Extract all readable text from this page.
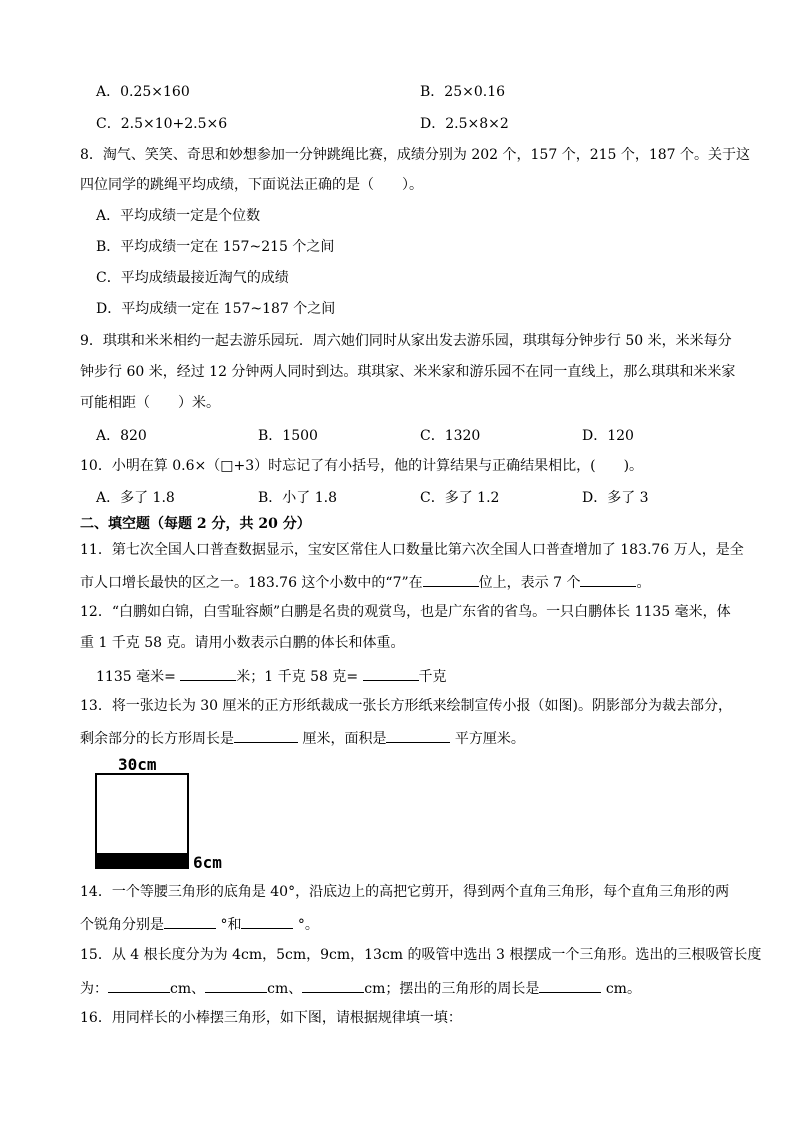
A．0.25×160	B．25×0.16
C．2.5×10+2.5×6	D．2.5×8×2
8．淘气、笑笑、奇思和妙想参加一分钟跳绳比赛，成绩分别为 202 个，157 个，215 个，187 个。关于这
四位同学的跳绳平均成绩，下面说法正确的是（　　）。
A．平均成绩一定是个位数
B．平均成绩一定在 157~215 个之间
C．平均成绩最接近淘气的成绩
D．平均成绩一定在 157~187 个之间
9．琪琪和米米相约一起去游乐园玩．周六她们同时从家出发去游乐园，琪琪每分钟步行 50 米，米米每分
钟步行 60 米，经过 12 分钟两人同时到达。琪琪家、米米家和游乐园不在同一直线上，那么琪琪和米米家
可能相距（　　）米。
A．820	B．1500	C．1320	D．120
10．小明在算 0.6×（□+3）时忘记了有小括号，他的计算结果与正确结果相比，(　　)。
A．多了 1.8	B．小了 1.8	C．多了 1.2	D．多了 3
二、填空题（每题 2 分，共 20 分）
11．第七次全国人口普查数据显示，宝安区常住人口数量比第六次全国人口普查增加了 183.76 万人，是全
市人口增长最快的区之一。183.76 这个小数中的“7”在	位上，表示 7 个	。
12．“白鹏如白锦，白雪耻容颇”白鹏是名贵的观赏鸟，也是广东省的省鸟。一只白鹏体长 1135 毫米，体
重 1 千克 58 克。请用小数表示白鹏的体长和体重。
1135 毫米=	米；1 千克 58 克=	千克
13．将一张边长为 30 厘米的正方形纸裁成一张长方形纸来绘制宣传小报（如图)。阴影部分为裁去部分，
剩余部分的长方形周长是	厘米，面积是	平方厘米。
30cm
6cm
14．一个等腰三角形的底角是 40°，沿底边上的高把它剪开，得到两个直角三角形，每个直角三角形的两
个锐角分别是	°和	°。
15．从 4 根长度分为为 4cm，5cm，9cm，13cm 的吸管中选出 3 根摆成一个三角形。选出的三根吸管长度
为：	cm、	cm、	cm；摆出的三角形的周长是	cm。
16．用同样长的小棒摆三角形，如下图，请根据规律填一填：
